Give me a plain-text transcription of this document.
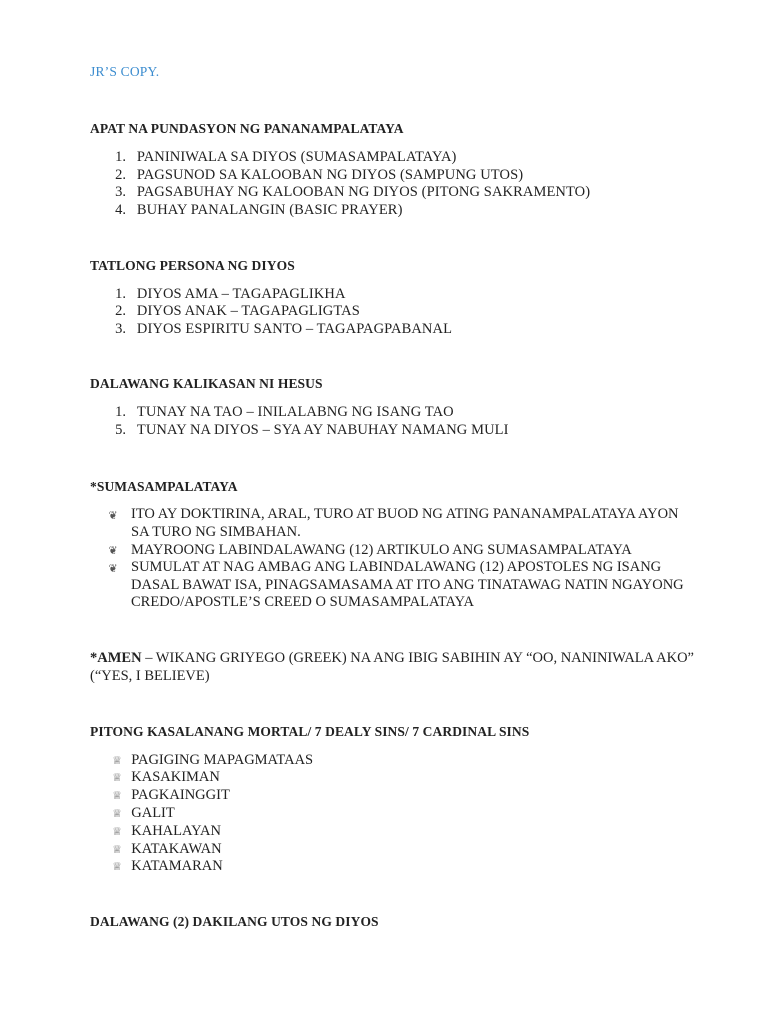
JR’S COPY.
APAT NA PUNDASYON NG PANANAMPALATAYA
1. PANINIWALA SA DIYOS (SUMASAMPALATAYA)
2. PAGSUNOD SA KALOOBAN NG DIYOS (SAMPUNG UTOS)
3. PAGSABUHAY NG KALOOBAN NG DIYOS (PITONG SAKRAMENTO)
4. BUHAY PANALANGIN (BASIC PRAYER)
TATLONG PERSONA NG DIYOS
1. DIYOS AMA – TAGAPAGLIKHA
2. DIYOS ANAK – TAGAPAGLIGTAS
3. DIYOS ESPIRITU SANTO – TAGAPAGPABANAL
DALAWANG KALIKASAN NI HESUS
1. TUNAY NA TAO – INILALABNG NG ISANG TAO
5. TUNAY NA DIYOS – SYA AY NABUHAY NAMANG MULI
*SUMASAMPALATAYA
❦ ITO AY DOKTIRINA, ARAL, TURO AT BUOD NG ATING PANANAMPALATAYA AYON SA TURO NG SIMBAHAN.
❦ MAYROONG LABINDALAWANG (12) ARTIKULO ANG SUMASAMPALATAYA
❦ SUMULAT AT NAG AMBAG ANG LABINDALAWANG (12) APOSTOLES NG ISANG DASAL BAWAT ISA, PINAGSAMASAMA AT ITO ANG TINATAWAG NATIN NGAYONG CREDO/APOSTLE’S CREED O SUMASAMPALATAYA
*AMEN – WIKANG GRIYEGO (GREEK) NA ANG IBIG SABIHIN AY “OO, NANINIWALA AKO”
(“YES, I BELIEVE)
PITONG KASALANANG MORTAL/ 7 DEALY SINS/ 7 CARDINAL SINS
♕ PAGIGING MAPAGMATAAS
♕ KASAKIMAN
♕ PAGKAINGGIT
♕ GALIT
♕ KAHALAYAN
♕ KATAKAWAN
♕ KATAMARAN
DALAWANG (2) DAKILANG UTOS NG DIYOS
